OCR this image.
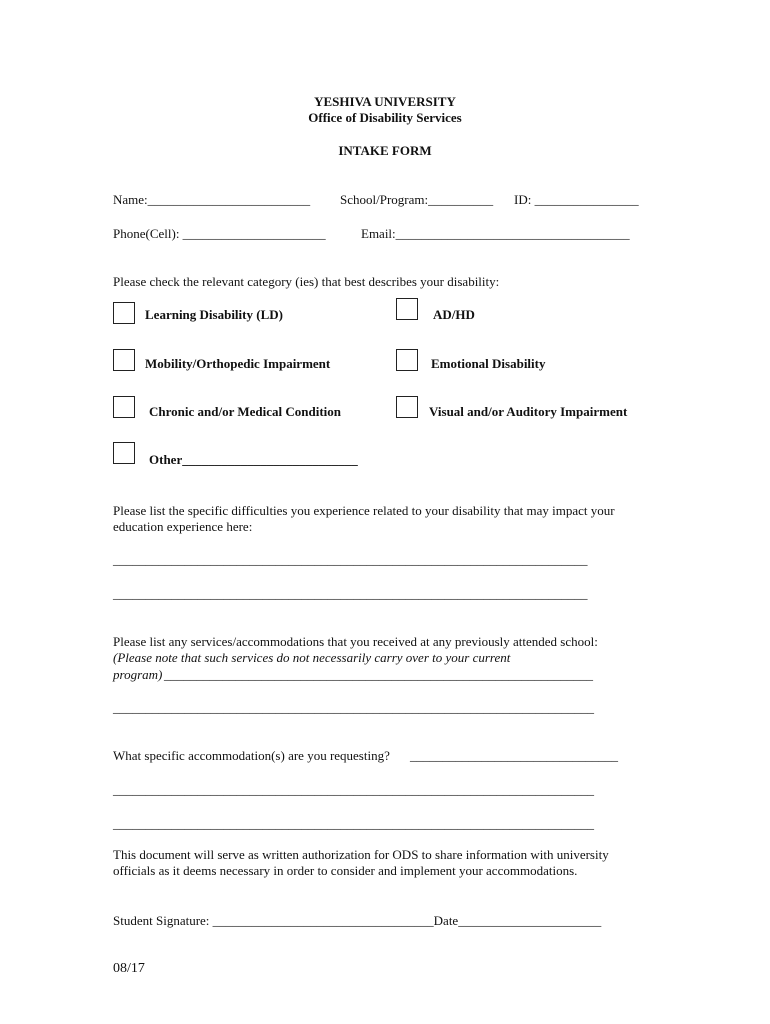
YESHIVA UNIVERSITY
Office of Disability Services
INTAKE FORM
Name:_________________________ School/Program:__________ ID: ________________
Phone(Cell): ______________________	Email:____________________________________
Please check the relevant category (ies) that best describes your disability:
Learning Disability (LD)	AD/HD
Mobility/Orthopedic Impairment	Emotional Disability
Chronic and/or Medical Condition	Visual and/or Auditory Impairment
Other___________________________
Please list the specific difficulties you experience related to your disability that may impact your
education experience here:
_________________________________________________________________________
_________________________________________________________________________
Please list any services/accommodations that you received at any previously attended school:
(Please note that such services do not necessarily carry over to your current
program) __________________________________________________________________
__________________________________________________________________________
What specific accommodation(s) are you requesting? ________________________________
__________________________________________________________________________
__________________________________________________________________________
This document will serve as written authorization for ODS to share information with university
officials as it deems necessary in order to consider and implement your accommodations.
Student Signature: __________________________________Date______________________
08/17
